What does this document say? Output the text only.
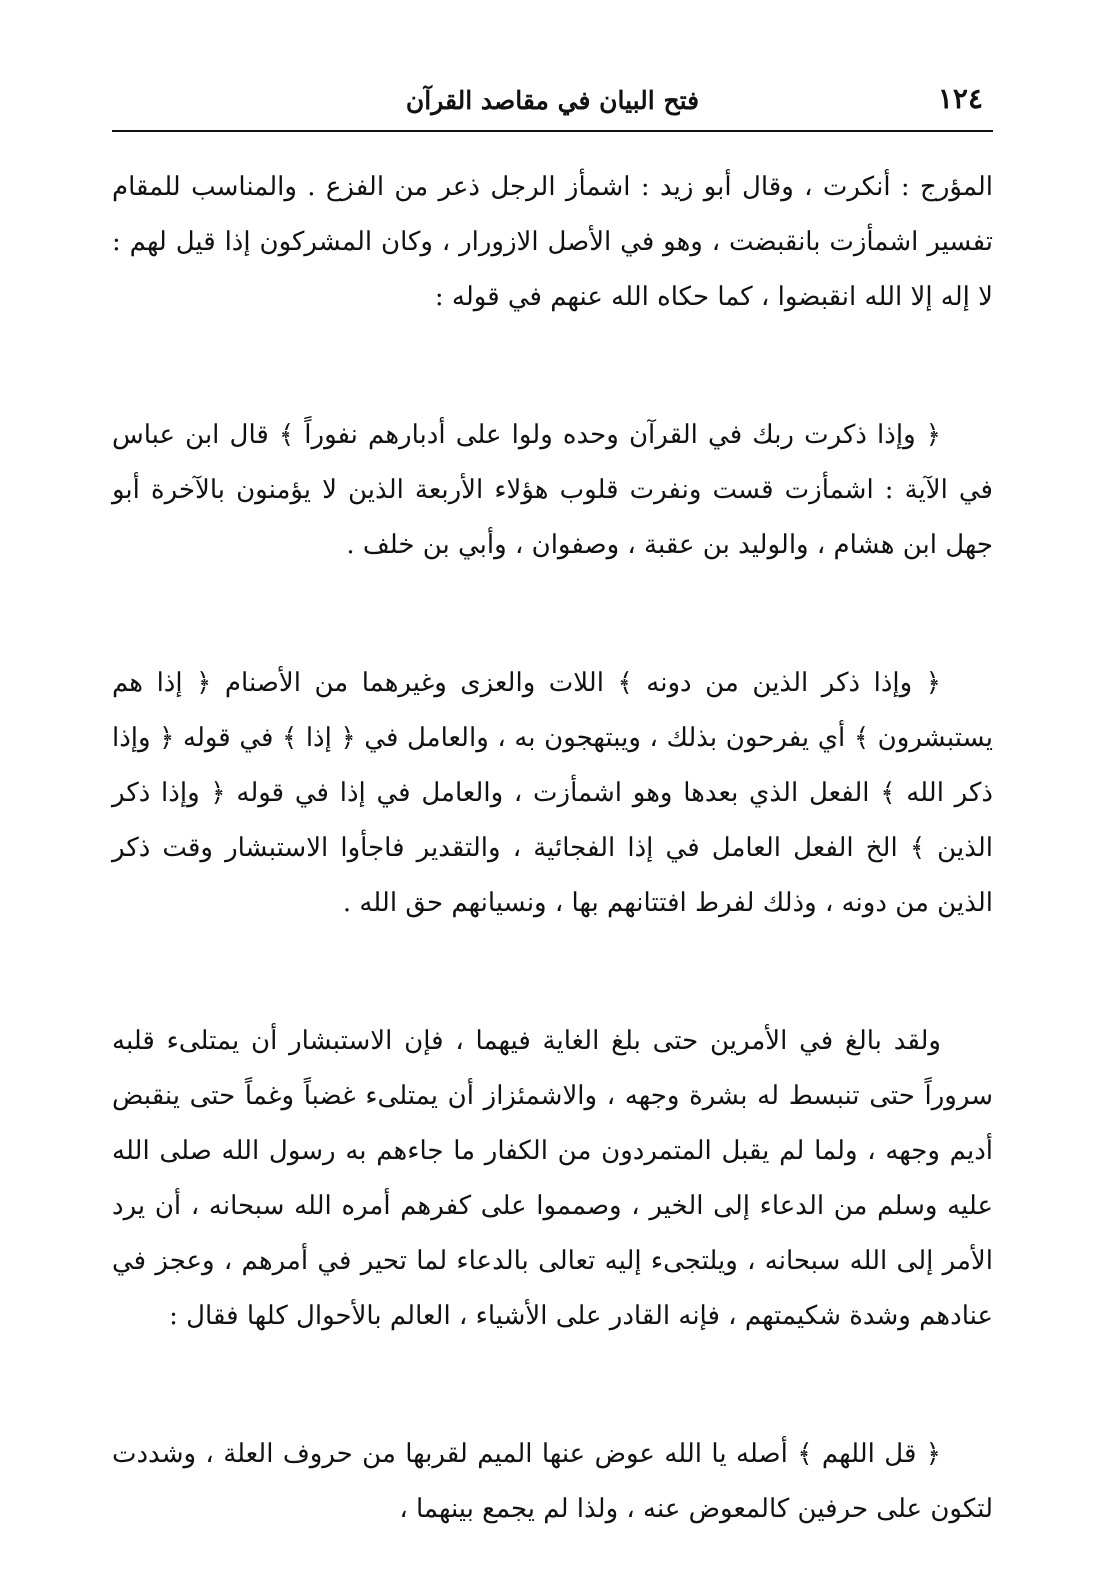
١٢٤
فتح البيان في مقاصد القرآن

المؤرج : أنكرت ، وقال أبو زيد : اشمأز الرجل ذعر من الفزع . والمناسب للمقام تفسير اشمأزت بانقبضت ، وهو في الأصل الازورار ، وكان المشركون إذا قيل لهم : لا إله إلا الله انقبضوا ، كما حكاه الله عنهم في قوله :

﴿ وإذا ذكرت ربك في القرآن وحده ولوا على أدبارهم نفوراً ﴾ قال ابن عباس في الآية : اشمأزت قست ونفرت قلوب هؤلاء الأربعة الذين لا يؤمنون بالآخرة أبو جهل ابن هشام ، والوليد بن عقبة ، وصفوان ، وأبي بن خلف .

﴿ وإذا ذكر الذين من دونه ﴾ اللات والعزى وغيرهما من الأصنام ﴿ إذا هم يستبشرون ﴾ أي يفرحون بذلك ، ويبتهجون به ، والعامل في ﴿ إذا ﴾ في قوله ﴿ وإذا ذكر الله ﴾ الفعل الذي بعدها وهو اشمأزت ، والعامل في إذا في قوله ﴿ وإذا ذكر الذين ﴾ الخ الفعل العامل في إذا الفجائية ، والتقدير فاجأوا الاستبشار وقت ذكر الذين من دونه ، وذلك لفرط افتتانهم بها ، ونسيانهم حق الله .

ولقد بالغ في الأمرين حتى بلغ الغاية فيهما ، فإن الاستبشار أن يمتلىء قلبه سروراً حتى تنبسط له بشرة وجهه ، والاشمئزاز أن يمتلىء غضباً وغماً حتى ينقبض أديم وجهه ، ولما لم يقبل المتمردون من الكفار ما جاءهم به رسول الله صلى الله عليه وسلم من الدعاء إلى الخير ، وصمموا على كفرهم أمره الله سبحانه ، أن يرد الأمر إلى الله سبحانه ، ويلتجىء إليه تعالى بالدعاء لما تحير في أمرهم ، وعجز في عنادهم وشدة شكيمتهم ، فإنه القادر على الأشياء ، العالم بالأحوال كلها فقال :

﴿ قل اللهم ﴾ أصله يا الله عوض عنها الميم لقربها من حروف العلة ، وشددت لتكون على حرفين كالمعوض عنه ، ولذا لم يجمع بينهما ،
